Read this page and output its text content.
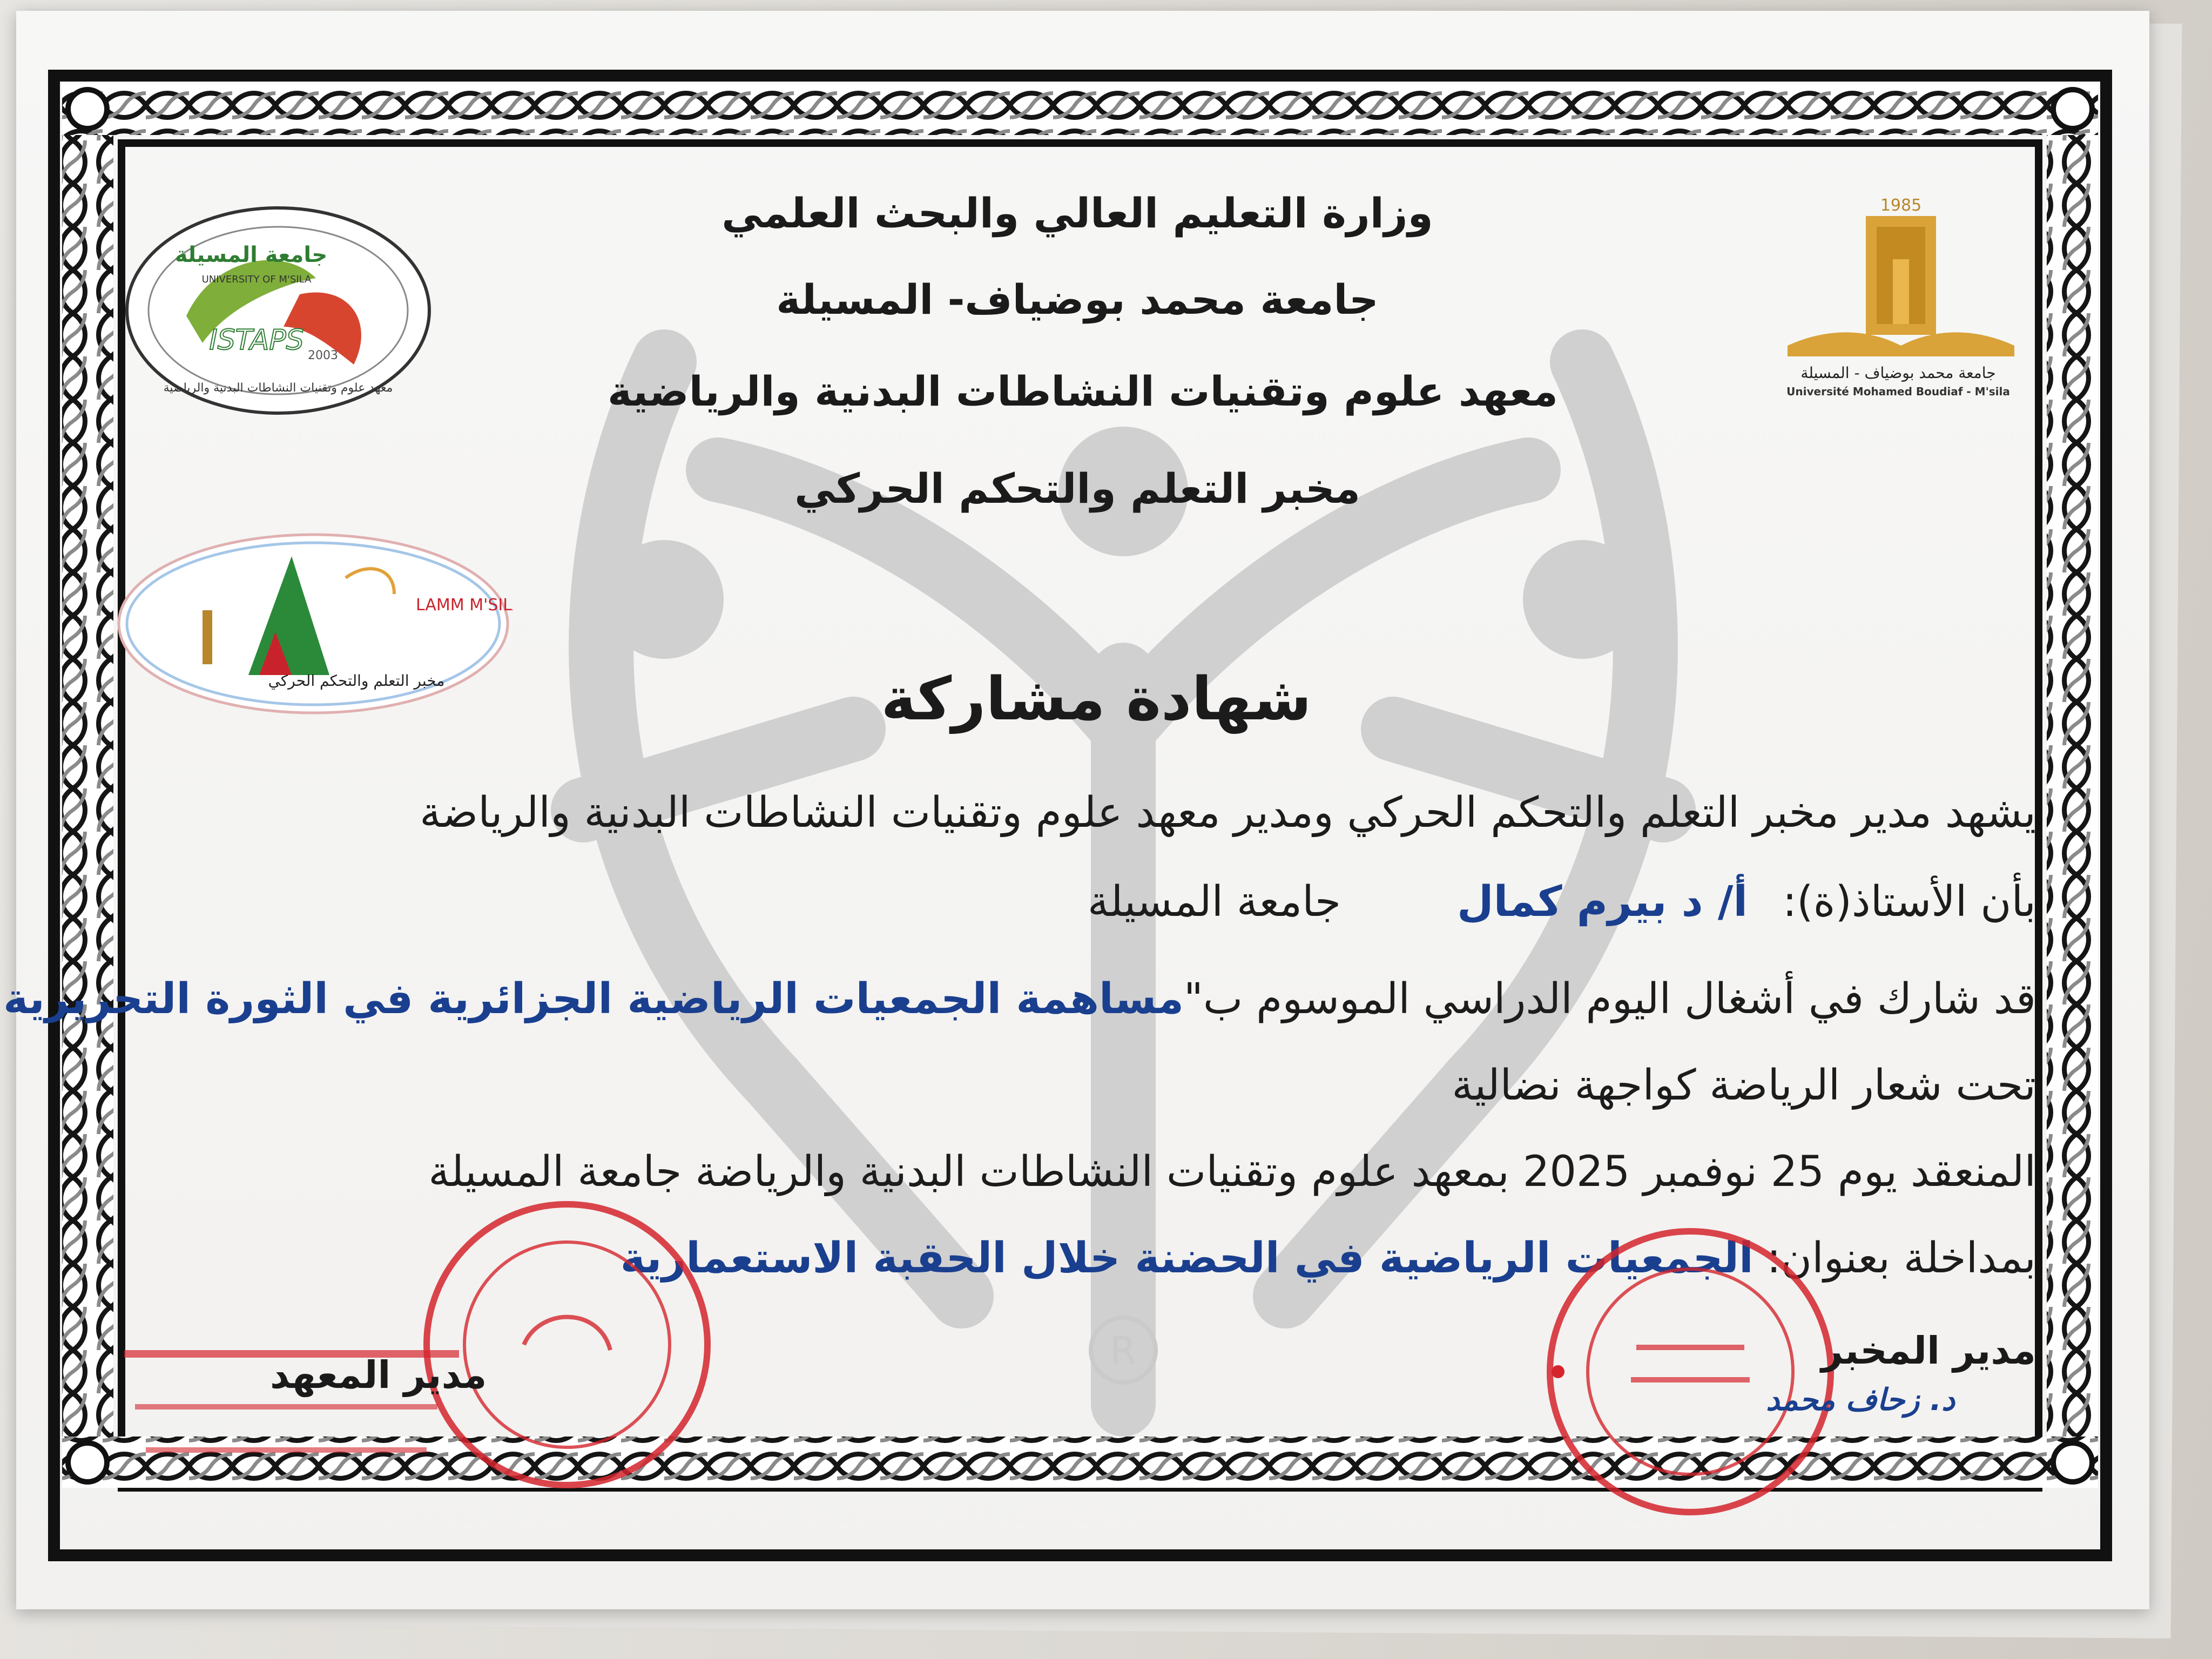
R
جامعة المسيلة
UNIVERSITY OF M'SILA
ISTAPS 2003
معهد علوم وتقنيات النشاطات البدنية والرياضية
1985
جامعة محمد بوضياف - المسيلة
Université Mohamed Boudiaf - M'sila
LAMM M'SILA
مخبر التعلم والتحكم الحركي
وزارة التعليم العالي والبحث العلمي
جامعة محمد بوضياف- المسيلة
معهد علوم وتقنيات النشاطات البدنية والرياضية
مخبر التعلم والتحكم الحركي
شهادة مشاركة
يشهد مدير مخبر التعلم والتحكم الحركي ومدير معهد علوم وتقنيات النشاطات البدنية والرياضة
بأن الأستاذ(ة): أ/ د بيرم كمال جامعة المسيلة
قد شارك في أشغال اليوم الدراسي الموسوم ب"مساهمة الجمعيات الرياضية الجزائرية في الثورة التحريرية
تحت شعار الرياضة كواجهة نضالية
المنعقد يوم 25 نوفمبر 2025 بمعهد علوم وتقنيات النشاطات البدنية والرياضة جامعة المسيلة
بمداخلة بعنوان: الجمعيات الرياضية في الحضنة خلال الحقبة الاستعمارية
مدير المخبر
د. زحاف محمد
مدير المعهد
